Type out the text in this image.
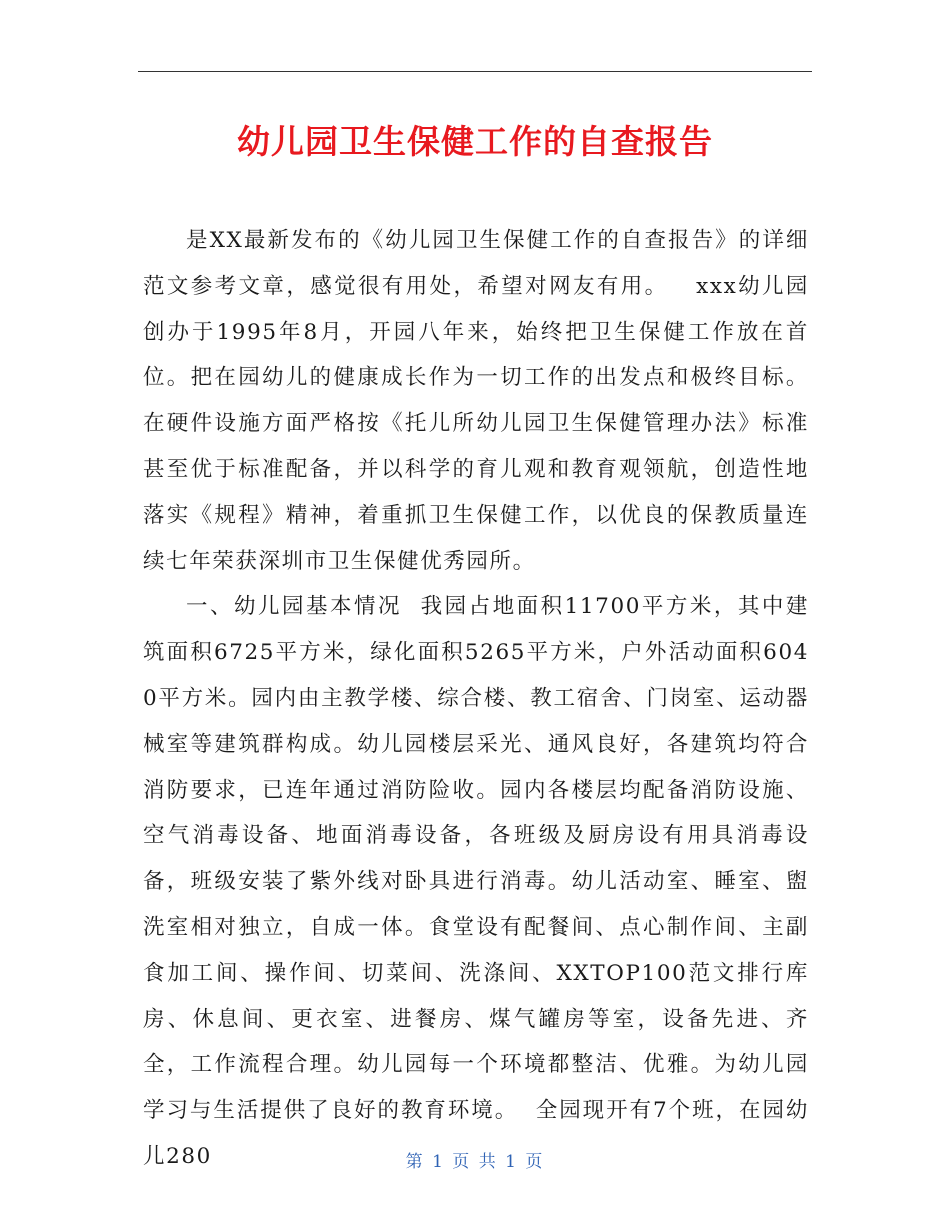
幼儿园卫生保健工作的自查报告

是XX最新发布的《幼儿园卫生保健工作的自查报告》的详细范文参考文章，感觉很有用处，希望对网友有用。   xxx幼儿园创办于1995年8月，开园八年来，始终把卫生保健工作放在首位。把在园幼儿的健康成长作为一切工作的出发点和极终目标。在硬件设施方面严格按《托儿所幼儿园卫生保健管理办法》标准甚至优于标准配备，并以科学的育儿观和教育观领航，创造性地落实《规程》精神，着重抓卫生保健工作，以优良的保教质量连续七年荣获深圳市卫生保健优秀园所。

一、幼儿园基本情况  我园占地面积11700平方米，其中建筑面积6725平方米，绿化面积5265平方米，户外活动面积6040平方米。园内由主教学楼、综合楼、教工宿舍、门岗室、运动器械室等建筑群构成。幼儿园楼层采光、通风良好，各建筑均符合消防要求，已连年通过消防险收。园内各楼层均配备消防设施、空气消毒设备、地面消毒设备，各班级及厨房设有用具消毒设备，班级安装了紫外线对卧具进行消毒。幼儿活动室、睡室、盥洗室相对独立，自成一体。食堂设有配餐间、点心制作间、主副食加工间、操作间、切菜间、洗涤间、XXTOP100范文排行库房、休息间、更衣室、进餐房、煤气罐房等室，设备先进、齐全，工作流程合理。幼儿园每一个环境都整洁、优雅。为幼儿园学习与生活提供了良好的教育环境。  全园现开有7个班，在园幼儿280	第 1 页 共 1 页
